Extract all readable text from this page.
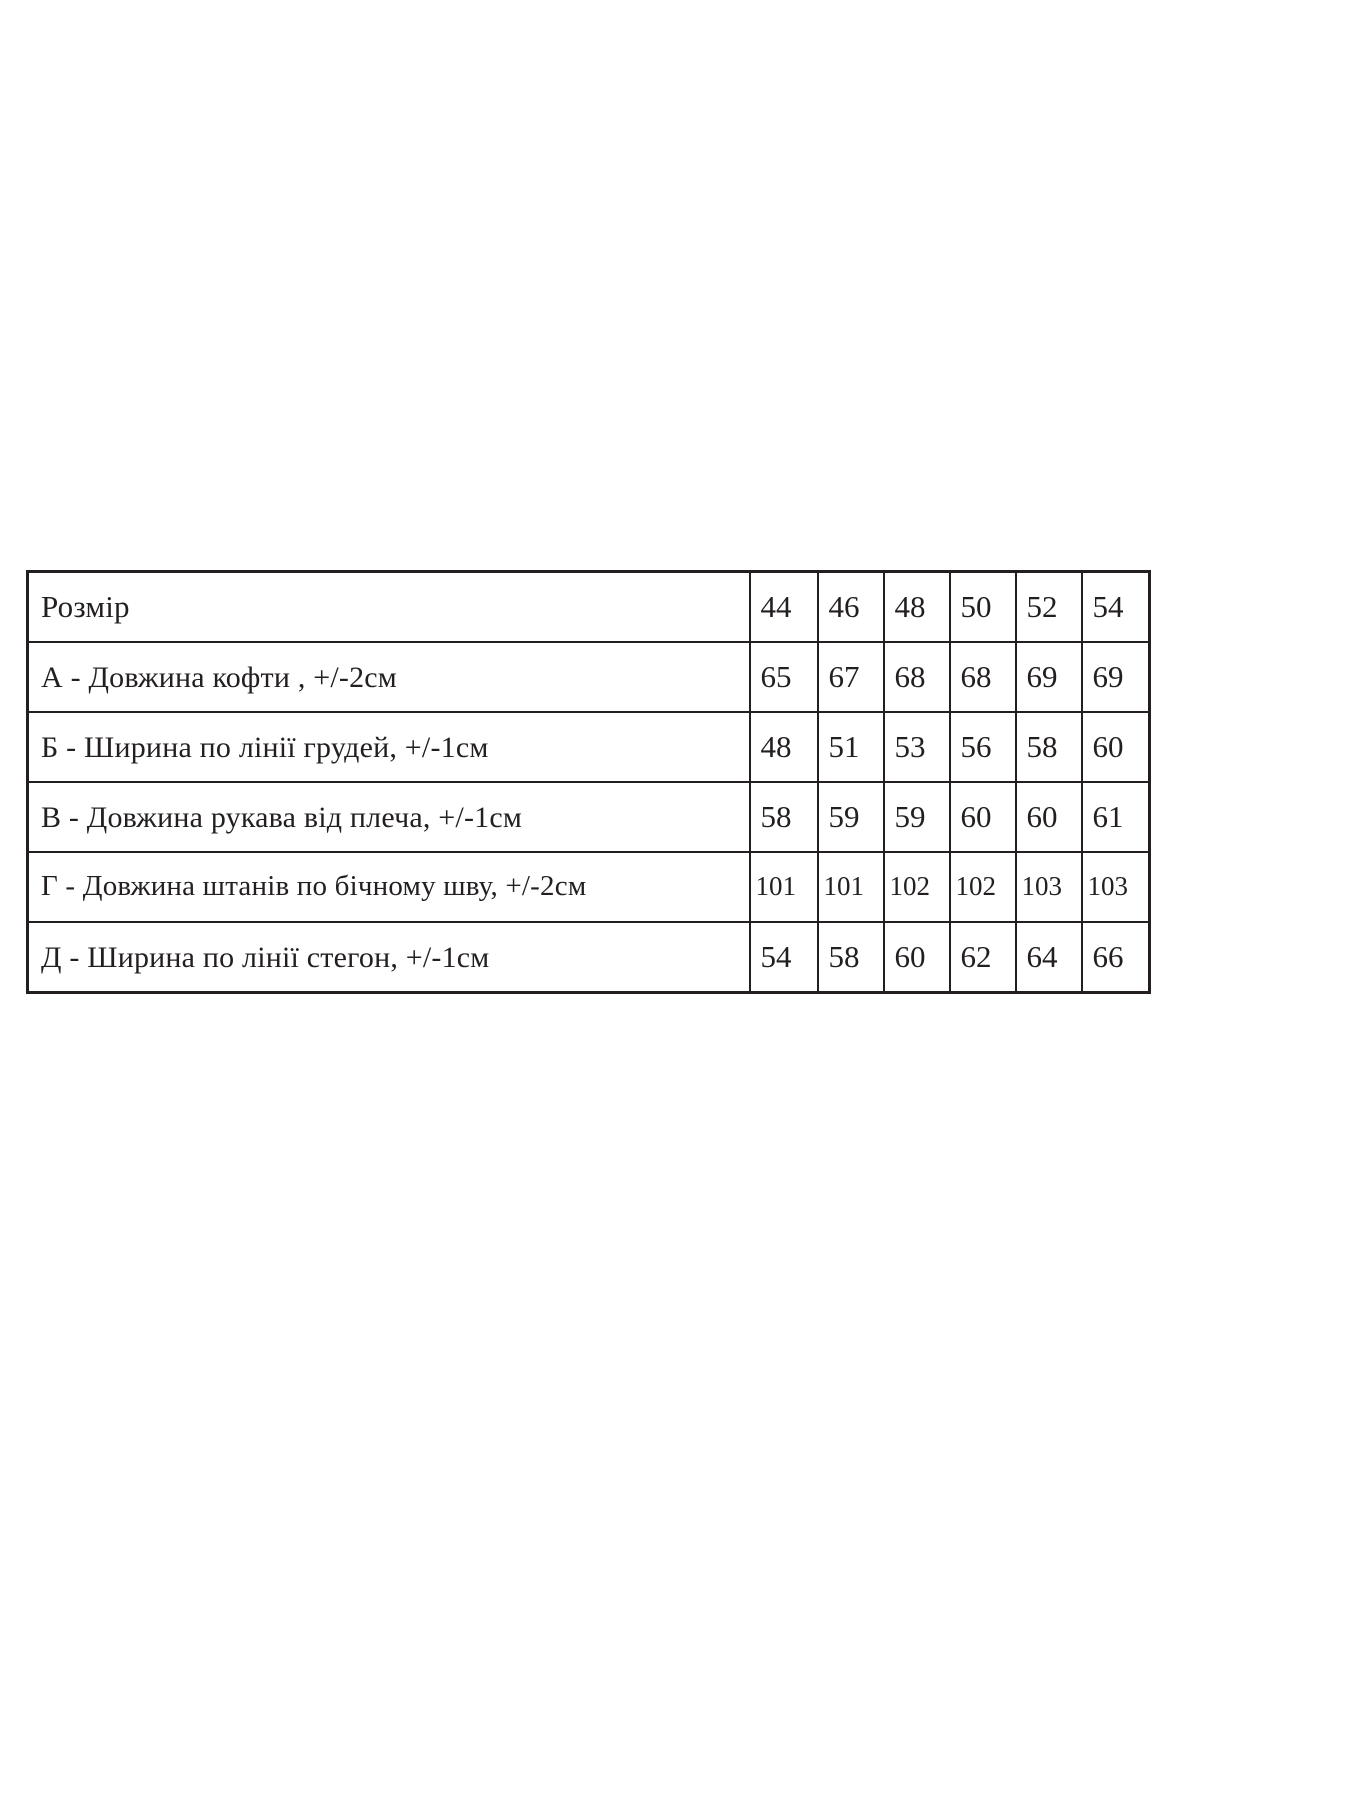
Розмір	44	46	48	50	52	54
А - Довжина кофти , +/-2см	65	67	68	68	69	69
Б - Ширина по лінії грудей, +/-1см	48	51	53	56	58	60
В - Довжина рукава від плеча, +/-1см	58	59	59	60	60	61
Г - Довжина штанів по бічному шву, +/-2см	101	101	102	102	103	103
Д - Ширина по лінії стегон, +/-1см	54	58	60	62	64	66
